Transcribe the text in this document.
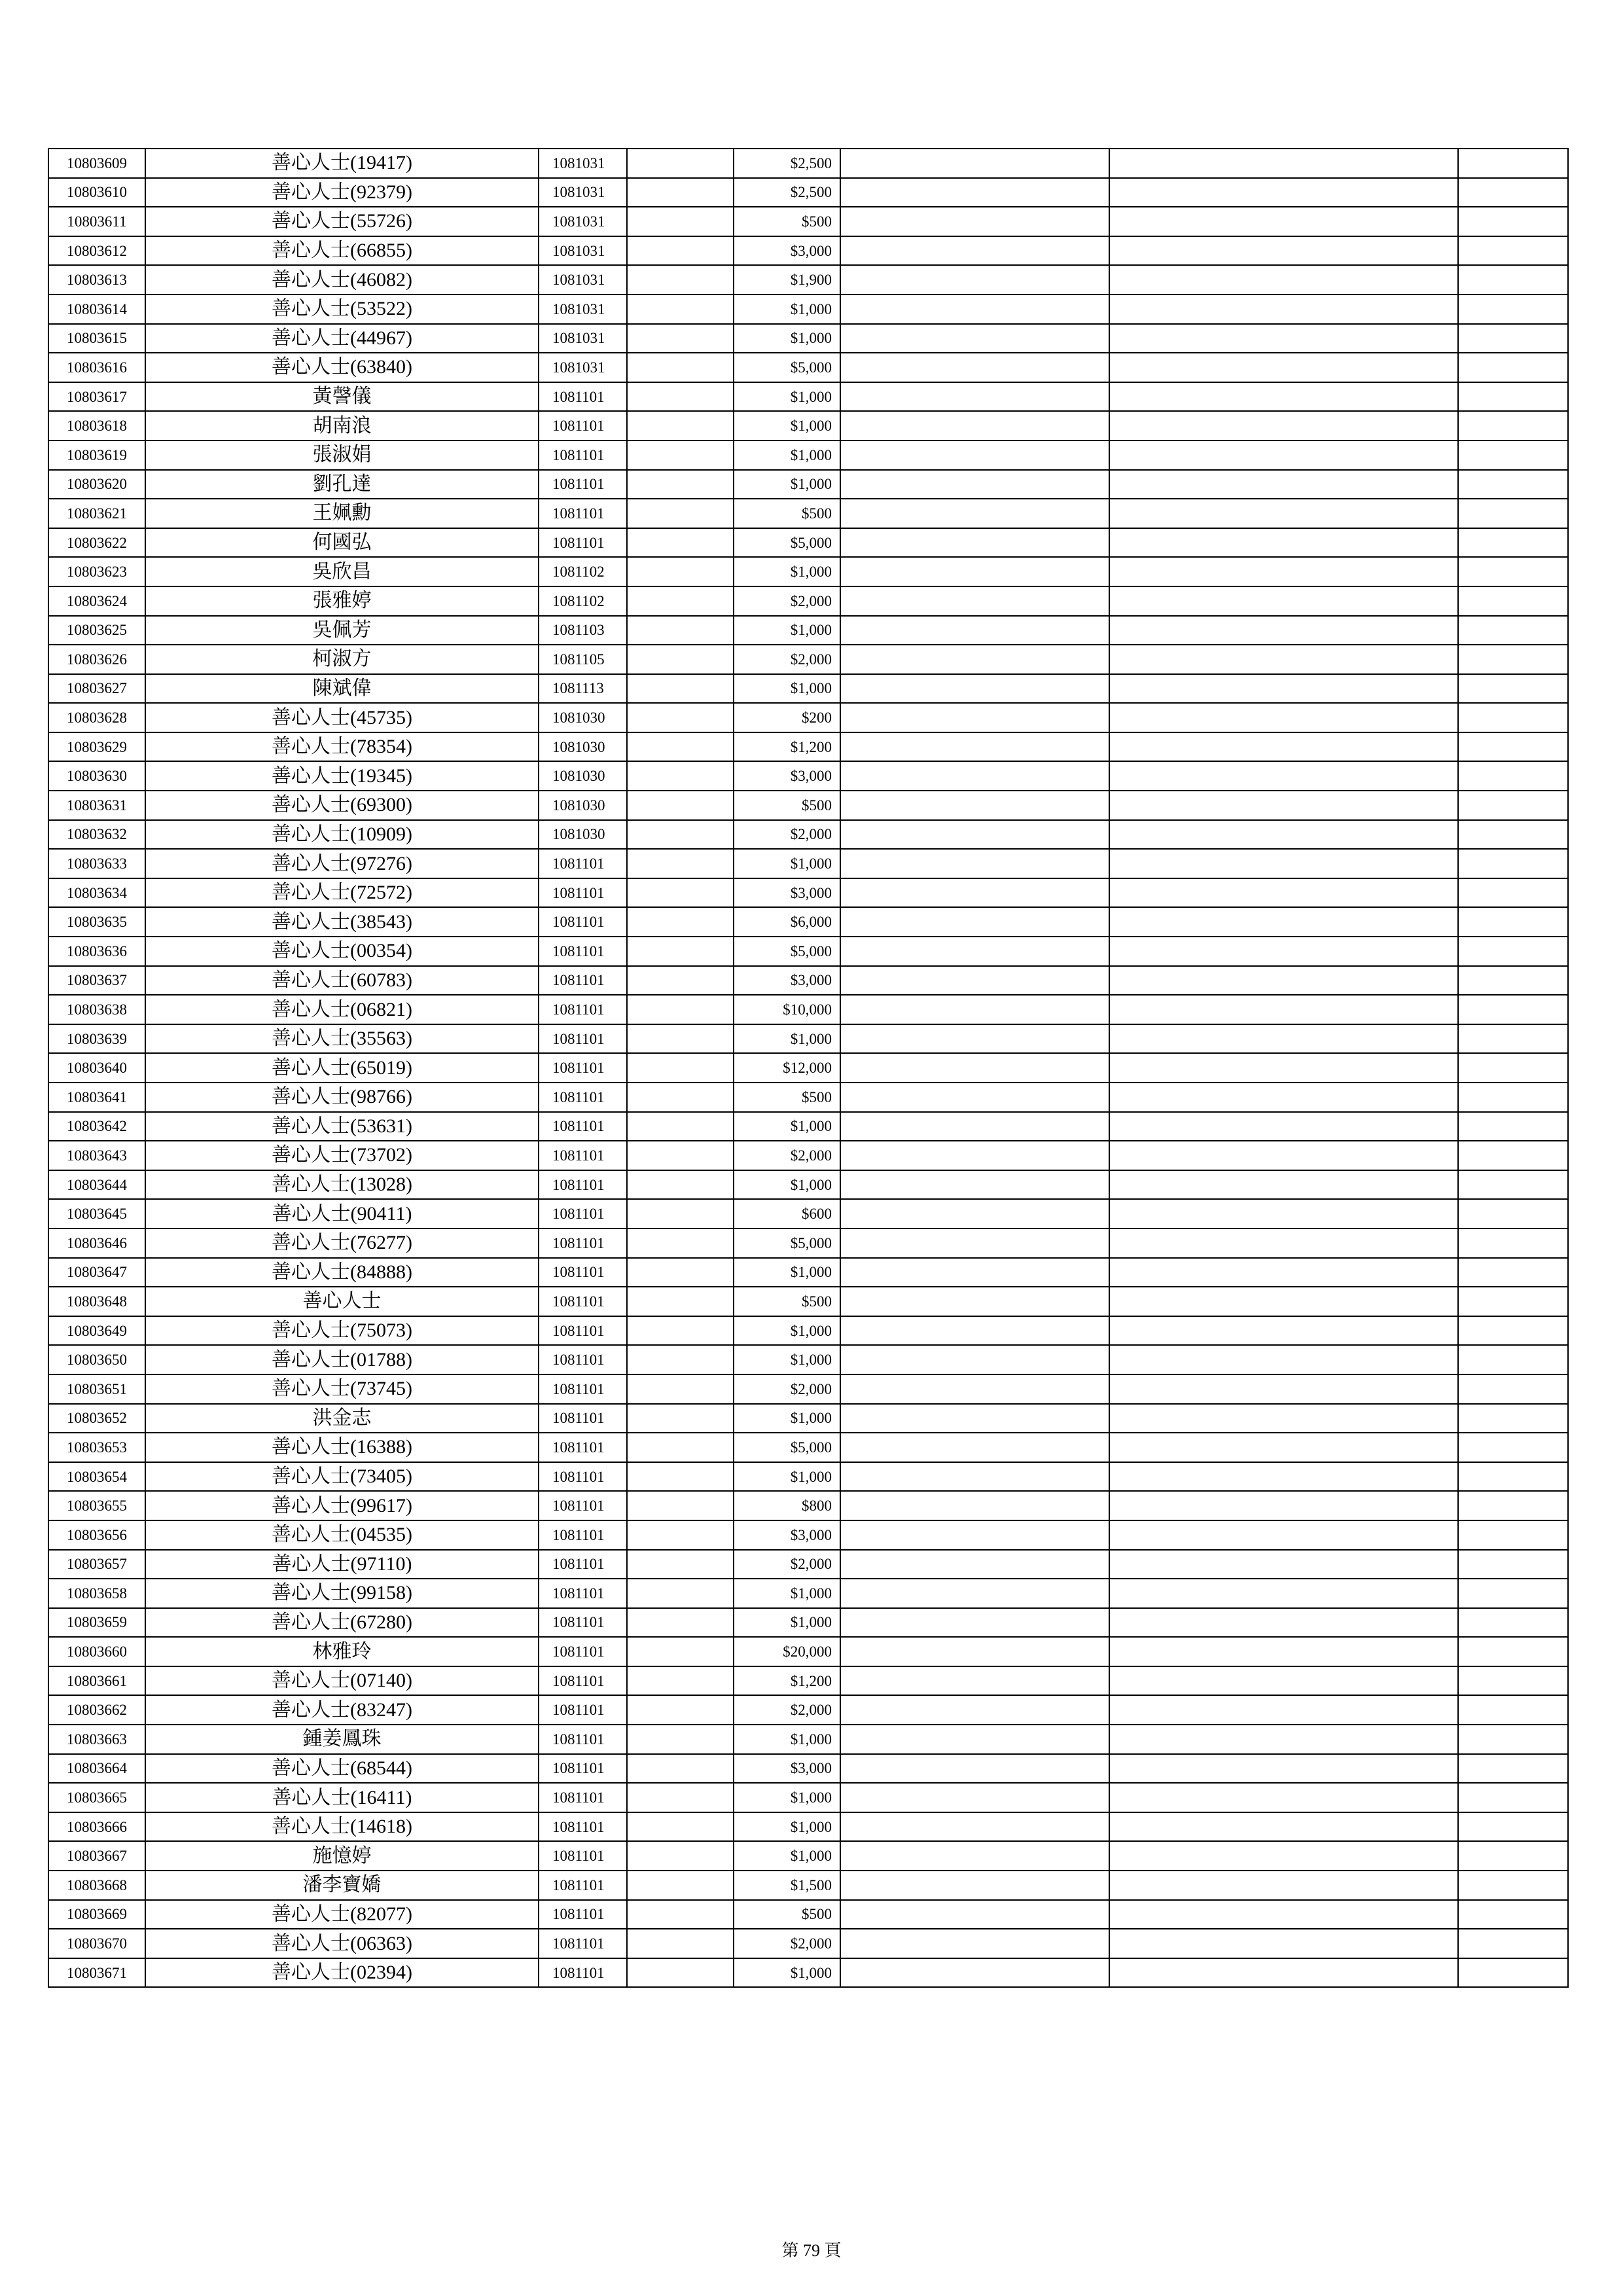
10803609	善心人士(19417)	1081031		$2,500			
10803610	善心人士(92379)	1081031		$2,500			
10803611	善心人士(55726)	1081031		$500			
10803612	善心人士(66855)	1081031		$3,000			
10803613	善心人士(46082)	1081031		$1,900			
10803614	善心人士(53522)	1081031		$1,000			
10803615	善心人士(44967)	1081031		$1,000			
10803616	善心人士(63840)	1081031		$5,000			
10803617	黃謦儀	1081101		$1,000			
10803618	胡南浪	1081101		$1,000			
10803619	張淑娟	1081101		$1,000			
10803620	劉孔達	1081101		$1,000			
10803621	王姵勳	1081101		$500			
10803622	何國弘	1081101		$5,000			
10803623	吳欣昌	1081102		$1,000			
10803624	張雅婷	1081102		$2,000			
10803625	吳佩芳	1081103		$1,000			
10803626	柯淑方	1081105		$2,000			
10803627	陳斌偉	1081113		$1,000			
10803628	善心人士(45735)	1081030		$200			
10803629	善心人士(78354)	1081030		$1,200			
10803630	善心人士(19345)	1081030		$3,000			
10803631	善心人士(69300)	1081030		$500			
10803632	善心人士(10909)	1081030		$2,000			
10803633	善心人士(97276)	1081101		$1,000			
10803634	善心人士(72572)	1081101		$3,000			
10803635	善心人士(38543)	1081101		$6,000			
10803636	善心人士(00354)	1081101		$5,000			
10803637	善心人士(60783)	1081101		$3,000			
10803638	善心人士(06821)	1081101		$10,000			
10803639	善心人士(35563)	1081101		$1,000			
10803640	善心人士(65019)	1081101		$12,000			
10803641	善心人士(98766)	1081101		$500			
10803642	善心人士(53631)	1081101		$1,000			
10803643	善心人士(73702)	1081101		$2,000			
10803644	善心人士(13028)	1081101		$1,000			
10803645	善心人士(90411)	1081101		$600			
10803646	善心人士(76277)	1081101		$5,000			
10803647	善心人士(84888)	1081101		$1,000			
10803648	善心人士	1081101		$500			
10803649	善心人士(75073)	1081101		$1,000			
10803650	善心人士(01788)	1081101		$1,000			
10803651	善心人士(73745)	1081101		$2,000			
10803652	洪金志	1081101		$1,000			
10803653	善心人士(16388)	1081101		$5,000			
10803654	善心人士(73405)	1081101		$1,000			
10803655	善心人士(99617)	1081101		$800			
10803656	善心人士(04535)	1081101		$3,000			
10803657	善心人士(97110)	1081101		$2,000			
10803658	善心人士(99158)	1081101		$1,000			
10803659	善心人士(67280)	1081101		$1,000			
10803660	林雅玲	1081101		$20,000			
10803661	善心人士(07140)	1081101		$1,200			
10803662	善心人士(83247)	1081101		$2,000			
10803663	鍾姜鳳珠	1081101		$1,000			
10803664	善心人士(68544)	1081101		$3,000			
10803665	善心人士(16411)	1081101		$1,000			
10803666	善心人士(14618)	1081101		$1,000			
10803667	施憶婷	1081101		$1,000			
10803668	潘李寶嬌	1081101		$1,500			
10803669	善心人士(82077)	1081101		$500			
10803670	善心人士(06363)	1081101		$2,000			
10803671	善心人士(02394)	1081101		$1,000			
第 79 頁
